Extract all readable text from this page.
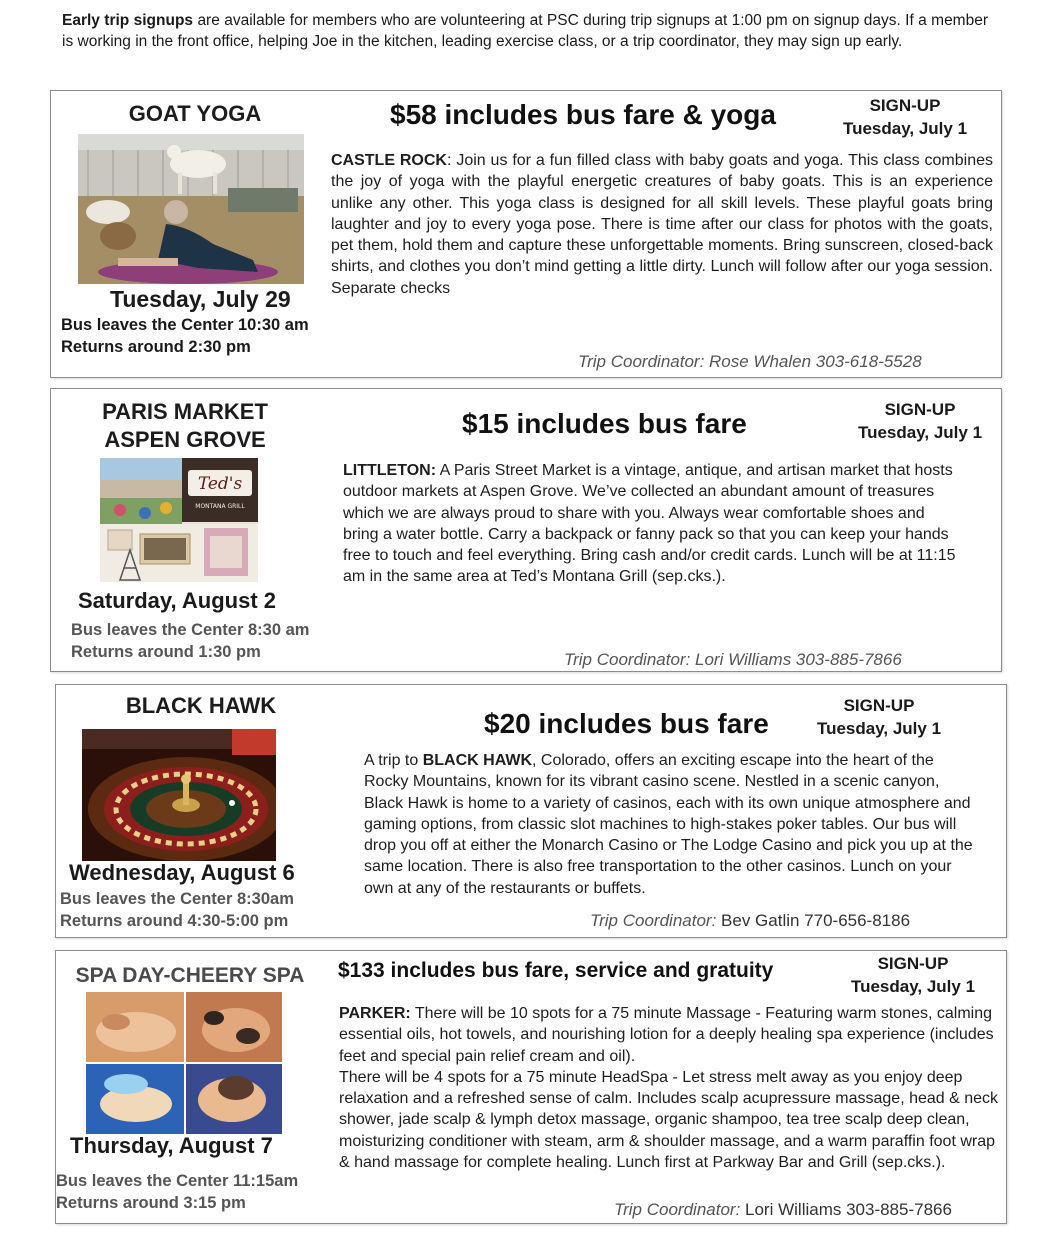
Early trip signups are available for members who are volunteering at PSC during trip signups at 1:00 pm on signup days. If a member is working in the front office, helping Joe in the kitchen, leading exercise class, or a trip coordinator, they may sign up early.
GOAT YOGA	$58 includes bus fare & yoga	SIGN-UP
Tuesday, July 1
Tuesday, July 29
Bus leaves the Center 10:30 am
Returns around 2:30 pm
CASTLE ROCK: Join us for a fun filled class with baby goats and yoga. This class combines the joy of yoga with the playful energetic creatures of baby goats. This is an experience unlike any other. This yoga class is designed for all skill levels. These playful goats bring laughter and joy to every yoga pose. There is time after our class for photos with the goats, pet them, hold them and capture these unforgettable moments. Bring sunscreen, closed-back shirts, and clothes you don’t mind getting a little dirty. Lunch will follow after our yoga session. Separate checks
Trip Coordinator: Rose Whalen 303-618-5528
PARIS MARKET
ASPEN GROVE
$15 includes bus fare	SIGN-UP
Tuesday, July 1
Ted's
MONTANA GRILL
Saturday, August 2
Bus leaves the Center 8:30 am
Returns around 1:30 pm
LITTLETON: A Paris Street Market is a vintage, antique, and artisan market that hosts outdoor markets at Aspen Grove. We’ve collected an abundant amount of treasures which we are always proud to share with you. Always wear comfortable shoes and bring a water bottle. Carry a backpack or fanny pack so that you can keep your hands free to touch and feel everything. Bring cash and/or credit cards. Lunch will be at 11:15 am in the same area at Ted’s Montana Grill (sep.cks.).
Trip Coordinator: Lori Williams 303-885-7866
BLACK HAWK
$20 includes bus fare
SIGN-UP
Tuesday, July 1
Wednesday, August 6
Bus leaves the Center 8:30am
Returns around 4:30-5:00 pm
A trip to BLACK HAWK, Colorado, offers an exciting escape into the heart of the Rocky Mountains, known for its vibrant casino scene. Nestled in a scenic canyon, Black Hawk is home to a variety of casinos, each with its own unique atmosphere and gaming options, from classic slot machines to high-stakes poker tables. Our bus will drop you off at either the Monarch Casino or The Lodge Casino and pick you up at the same location. There is also free transportation to the other casinos. Lunch on your own at any of the restaurants or buffets.
Trip Coordinator: Bev Gatlin 770-656-8186
SPA DAY-CHEERY SPA	$133 includes bus fare, service and gratuity	SIGN-UP
Tuesday, July 1
Thursday, August 7
Bus leaves the Center 11:15am
Returns around 3:15 pm
PARKER: There will be 10 spots for a 75 minute Massage - Featuring warm stones, calming essential oils, hot towels, and nourishing lotion for a deeply healing spa experience (includes feet and special pain relief cream and oil).
There will be 4 spots for a 75 minute HeadSpa - Let stress melt away as you enjoy deep relaxation and a refreshed sense of calm. Includes scalp acupressure massage, head & neck shower, jade scalp & lymph detox massage, organic shampoo, tea tree scalp deep clean, moisturizing conditioner with steam, arm & shoulder massage, and a warm paraffin foot wrap & hand massage for complete healing. Lunch first at Parkway Bar and Grill (sep.cks.).
Trip Coordinator: Lori Williams 303-885-7866
